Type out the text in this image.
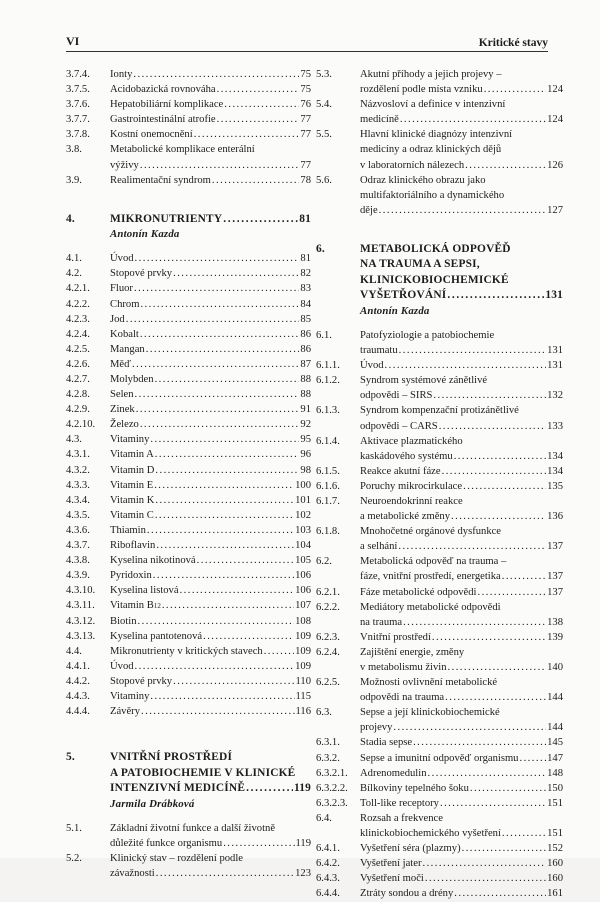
VI	Kritické stavy
3.7.4.	Ionty . . .	75
3.7.5.	Acidobazická rovnováha . . .	75
3.7.6.	Hepatobiliární komplikace . . .	76
3.7.7.	Gastrointestinální atrofie . . .	77
3.7.8.	Kostní onemocnění . . .	77
3.8.	Metabolické komplikace enterální
výživy . . .	77
3.9.	Realimentační syndrom . . .	78
4.	MIKRONUTRIENTY . . .	81
Antonín Kazda
4.1.	Úvod . . .	81
4.2.	Stopové prvky . . .	82
4.2.1.	Fluor . . .	83
4.2.2.	Chrom . . .	84
4.2.3.	Jod . . .	85
4.2.4.	Kobalt . . .	86
4.2.5.	Mangan . . .	86
4.2.6.	Měď . . .	87
4.2.7.	Molybden . . .	88
4.2.8.	Selen . . .	88
4.2.9.	Zinek . . .	91
4.2.10.	Železo . . .	92
4.3.	Vitaminy . . .	95
4.3.1.	Vitamin A . . .	96
4.3.2.	Vitamin D . . .	98
4.3.3.	Vitamin E . . .	100
4.3.4.	Vitamin K . . .	101
4.3.5.	Vitamin C . . .	102
4.3.6.	Thiamin . . .	103
4.3.7.	Riboflavin . . .	104
4.3.8.	Kyselina nikotinová . . .	105
4.3.9.	Pyridoxin . . .	106
4.3.10.	Kyselina listová . . .	106
4.3.11.	Vitamin B 12 . . .	107
4.3.12.	Biotin . . .	108
4.3.13.	Kyselina pantotenová . . .	109
4.4.	Mikronutrienty v kritických stavech . . .	109
4.4.1.	Úvod . . .	109
4.4.2.	Stopové prvky . . .	110
4.4.3.	Vitaminy . . .	115
4.4.4.	Závěry . . .	116
5.	VNITŘNÍ PROSTŘEDÍ
A PATOBIOCHEMIE V KLINICKÉ
INTENZIVNÍ MEDICÍNĚ . . .	119
Jarmila Drábková
5.1.	Základní životní funkce a další životně
důležité funkce organismu . . .	119
5.2.	Klinický stav – rozdělení podle
závažnosti . . .	123
5.3.	Akutní příhody a jejich projevy –
rozdělení podle místa vzniku . . .	124
5.4.	Názvosloví a definice v intenzivní
medicíně . . .	124
5.5.	Hlavní klinické diagnózy intenzivní
medicíny a odraz klinických dějů
v laboratorních nálezech . . .	126
5.6.	Odraz klinického obrazu jako
multifaktoriálního a dynamického
děje . . .	127
6.	METABOLICKÁ ODPOVĚĎ
NA TRAUMA A SEPSI,
KLINICKOBIOCHEMICKÉ
VYŠETŘOVÁNÍ . . .	131
Antonín Kazda
6.1.	Patofyziologie a patobiochemie
traumatu . . .	131
6.1.1.	Úvod . . .	131
6.1.2.	Syndrom systémové zánětlivé
odpovědi – SIRS . . .	132
6.1.3.	Syndrom kompenzační protizánětlivé
odpovědi – CARS . . .	133
6.1.4.	Aktivace plazmatického
kaskádového systému . . .	134
6.1.5.	Reakce akutní fáze . . .	134
6.1.6.	Poruchy mikrocirkulace . . .	135
6.1.7.	Neuroendokrinní reakce
a metabolické změny . . .	136
6.1.8.	Mnohočetné orgánové dysfunkce
a selhání . . .	137
6.2.	Metabolická odpověď na trauma –
fáze, vnitřní prostředí, energetika . . .	137
6.2.1.	Fáze metabolické odpovědi . . .	137
6.2.2.	Mediátory metabolické odpovědi
na trauma . . .	138
6.2.3.	Vnitřní prostředí . . .	139
6.2.4.	Zajištění energie, změny
v metabolismu živin . . .	140
6.2.5.	Možnosti ovlivnění metabolické
odpovědi na trauma . . .	144
6.3.	Sepse a její klinickobiochemické
projevy . . .	144
6.3.1.	Stadia sepse . . .	145
6.3.2.	Sepse a imunitní odpověď organismu . . .	147
6.3.2.1.	Adrenomedulin . . .	148
6.3.2.2.	Bílkoviny tepelného šoku . . .	150
6.3.2.3.	Toll-like receptory . . .	151
6.4.	Rozsah a frekvence
klinickobiochemického vyšetření . . .	151
6.4.1.	Vyšetření séra (plazmy) . . .	152
6.4.2.	Vyšetření jater . . .	160
6.4.3.	Vyšetření moči . . .	160
6.4.4.	Ztráty sondou a drény . . .	161
